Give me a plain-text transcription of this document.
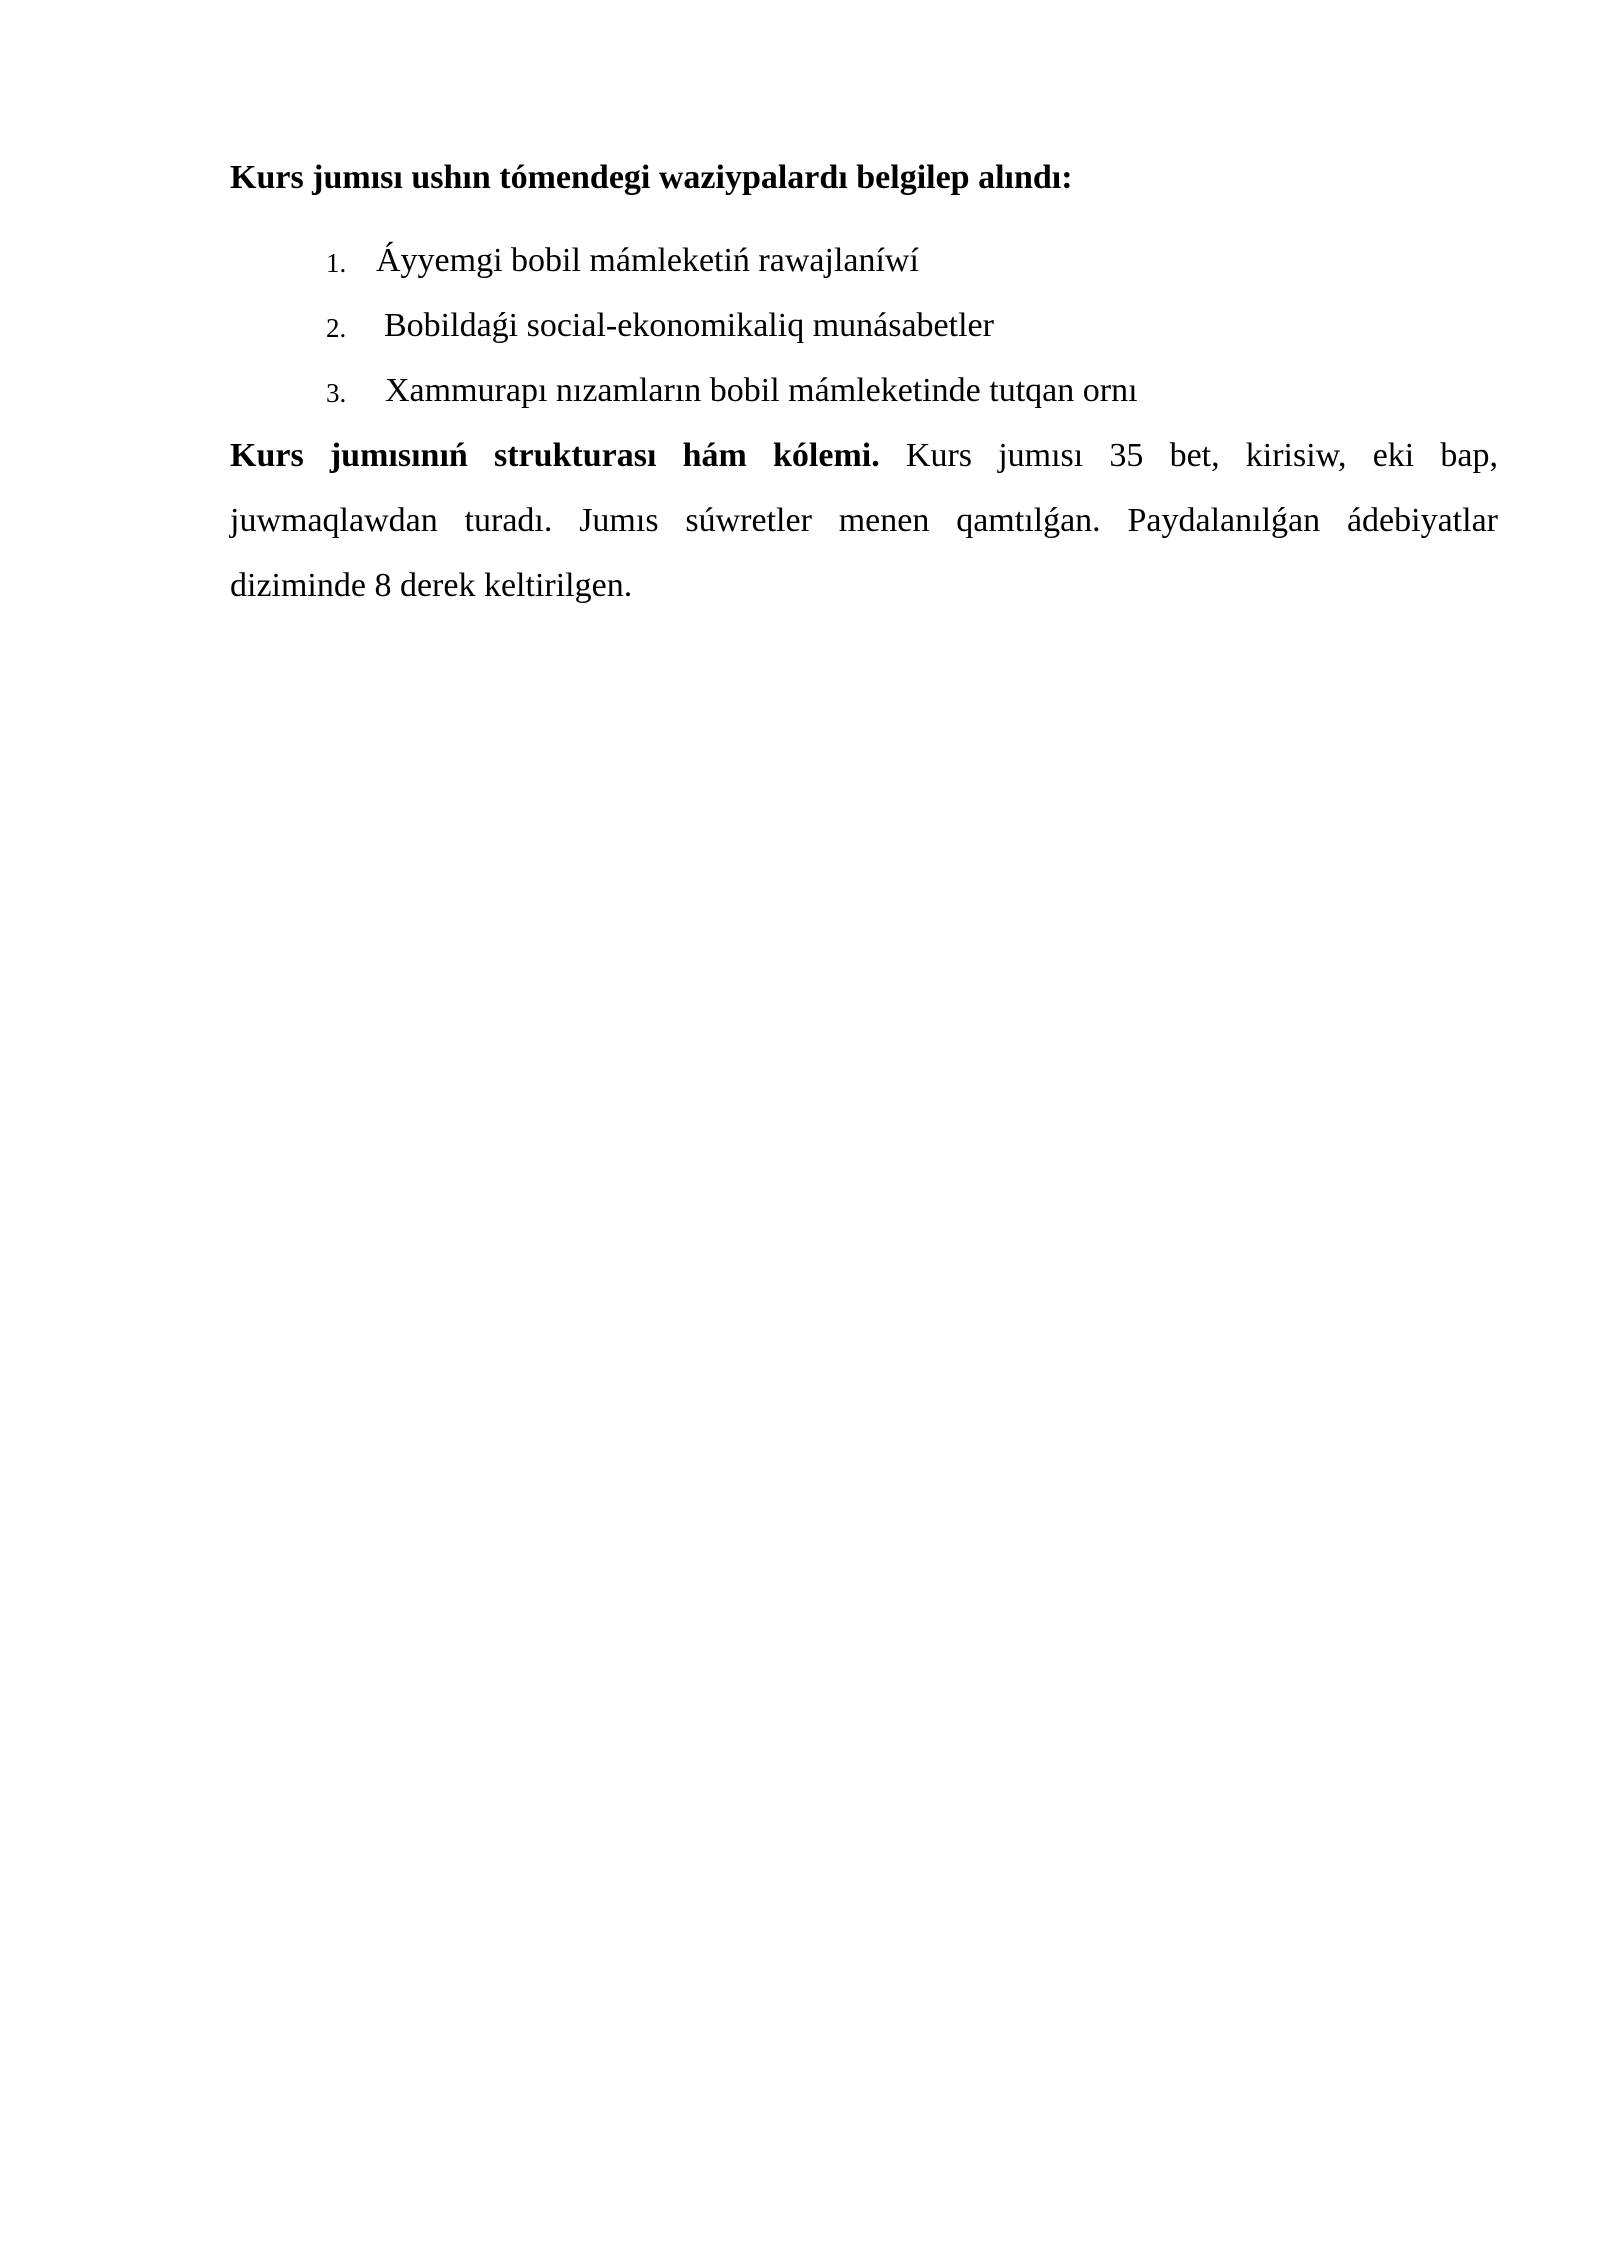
Kurs jumısı ushın tómendegi waziypalardı belgilep alındı:

1. Áyyemgi bobil mámleketiń rawajlaníwí
2. Bobildaǵi social-ekonomikaliq munásabetler
3. Xammurapı nızamların bobil mámleketinde tutqan ornı

Kurs jumısınıń strukturası hám kólemi. Kurs jumısı 35 bet, kirisiw, eki bap, juwmaqlawdan turadı. Jumıs súwretler menen qamtılǵan. Paydalanılǵan ádebiyatlar diziminde 8 derek keltirilgen.
